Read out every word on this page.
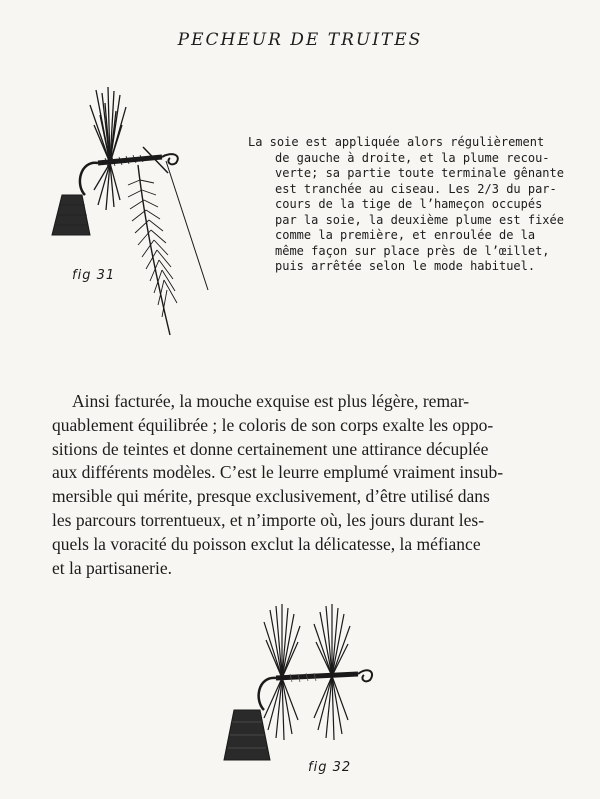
PECHEUR DE TRUITES
fig 31
La soie est appliquée alors régulièrement
de gauche à droite, et la plume recou-
verte; sa partie toute terminale gênante
est tranchée au ciseau. Les 2/3 du par-
cours de la tige de l’hameçon occupés
par la soie, la deuxième plume est fixée
comme la première, et enroulée de la
même façon sur place près de l’œillet,
puis arrêtée selon le mode habituel.
Ainsi facturée, la mouche exquise est plus légère, remar-
quablement équilibrée ; le coloris de son corps exalte les oppo-
sitions de teintes et donne certainement une attirance décuplée
aux différents modèles. C’est le leurre emplumé vraiment insub-
mersible qui mérite, presque exclusivement, d’être utilisé dans
les parcours torrentueux, et n’importe où, les jours durant les-
quels la voracité du poisson exclut la délicatesse, la méfiance
et la partisanerie.
fig 32
